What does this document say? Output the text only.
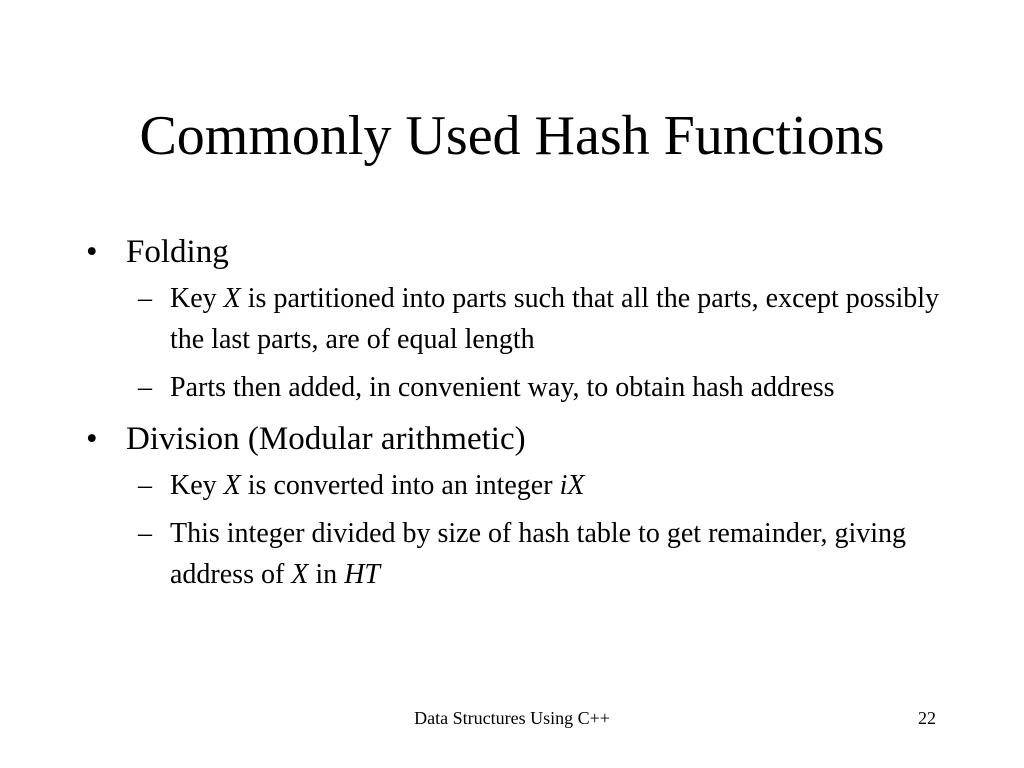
Commonly Used Hash Functions
• Folding
– Key X is partitioned into parts such that all the parts, except possibly the last parts, are of equal length
– Parts then added, in convenient way, to obtain hash address
• Division (Modular arithmetic)
– Key X is converted into an integer iX
– This integer divided by size of hash table to get remainder, giving address of X in HT
Data Structures Using C++	22
